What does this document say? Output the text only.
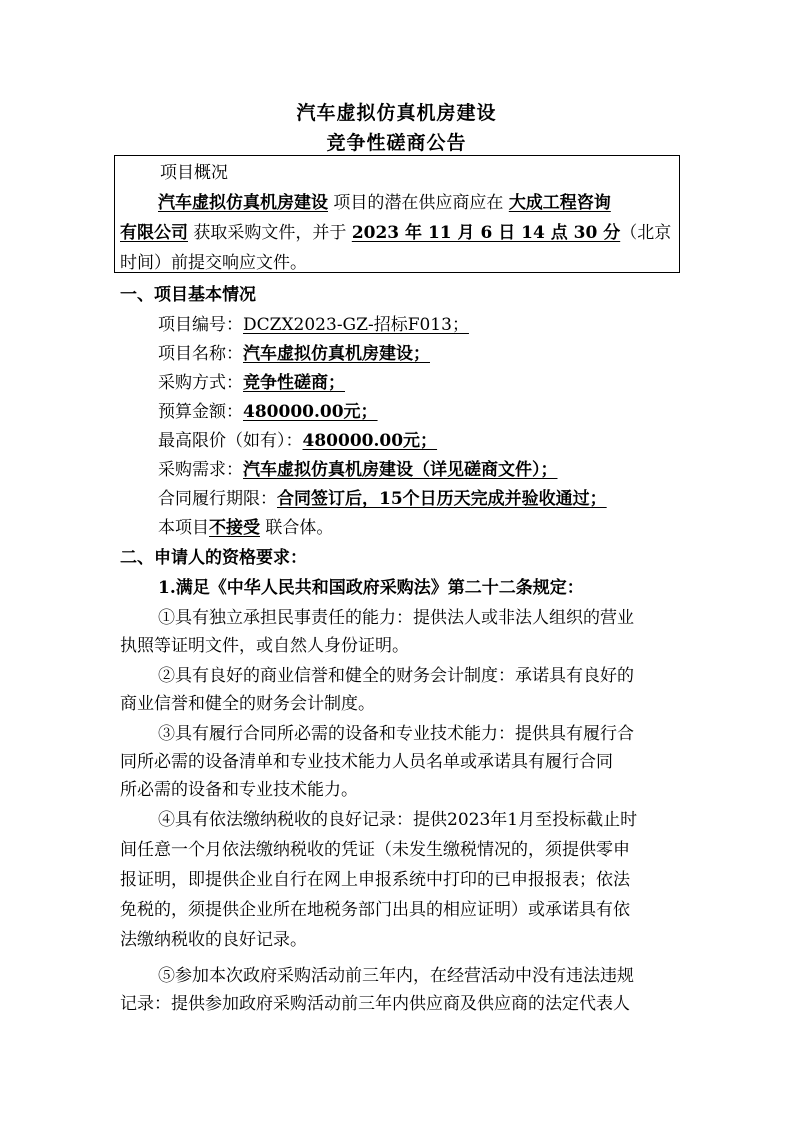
汽车虚拟仿真机房建设
竞争性磋商公告
项目概况
汽车虚拟仿真机房建设 项目的潜在供应商应在 大成工程咨询
有限公司 获取采购文件，并于 2023 年 11 月 6 日 14 点 30 分（北京
时间）前提交响应文件。
一、项目基本情况
项目编号：DCZX2023-GZ-招标F013；
项目名称：汽车虚拟仿真机房建设；
采购方式：竞争性磋商；
预算金额：480000.00元；
最高限价（如有）：480000.00元；
采购需求：汽车虚拟仿真机房建设（详见磋商文件）；
合同履行期限：合同签订后，15个日历天完成并验收通过；
本项目不接受 联合体。
二、申请人的资格要求：
1.满足《中华人民共和国政府采购法》第二十二条规定：
①具有独立承担民事责任的能力：提供法人或非法人组织的营业
执照等证明文件，或自然人身份证明。
②具有良好的商业信誉和健全的财务会计制度：承诺具有良好的
商业信誉和健全的财务会计制度。
③具有履行合同所必需的设备和专业技术能力：提供具有履行合
同所必需的设备清单和专业技术能力人员名单或承诺具有履行合同
所必需的设备和专业技术能力。
④具有依法缴纳税收的良好记录：提供2023年1月至投标截止时
间任意一个月依法缴纳税收的凭证（未发生缴税情况的，须提供零申
报证明，即提供企业自行在网上申报系统中打印的已申报报表；依法
免税的，须提供企业所在地税务部门出具的相应证明）或承诺具有依
法缴纳税收的良好记录。
⑤参加本次政府采购活动前三年内，在经营活动中没有违法违规
记录：提供参加政府采购活动前三年内供应商及供应商的法定代表人
